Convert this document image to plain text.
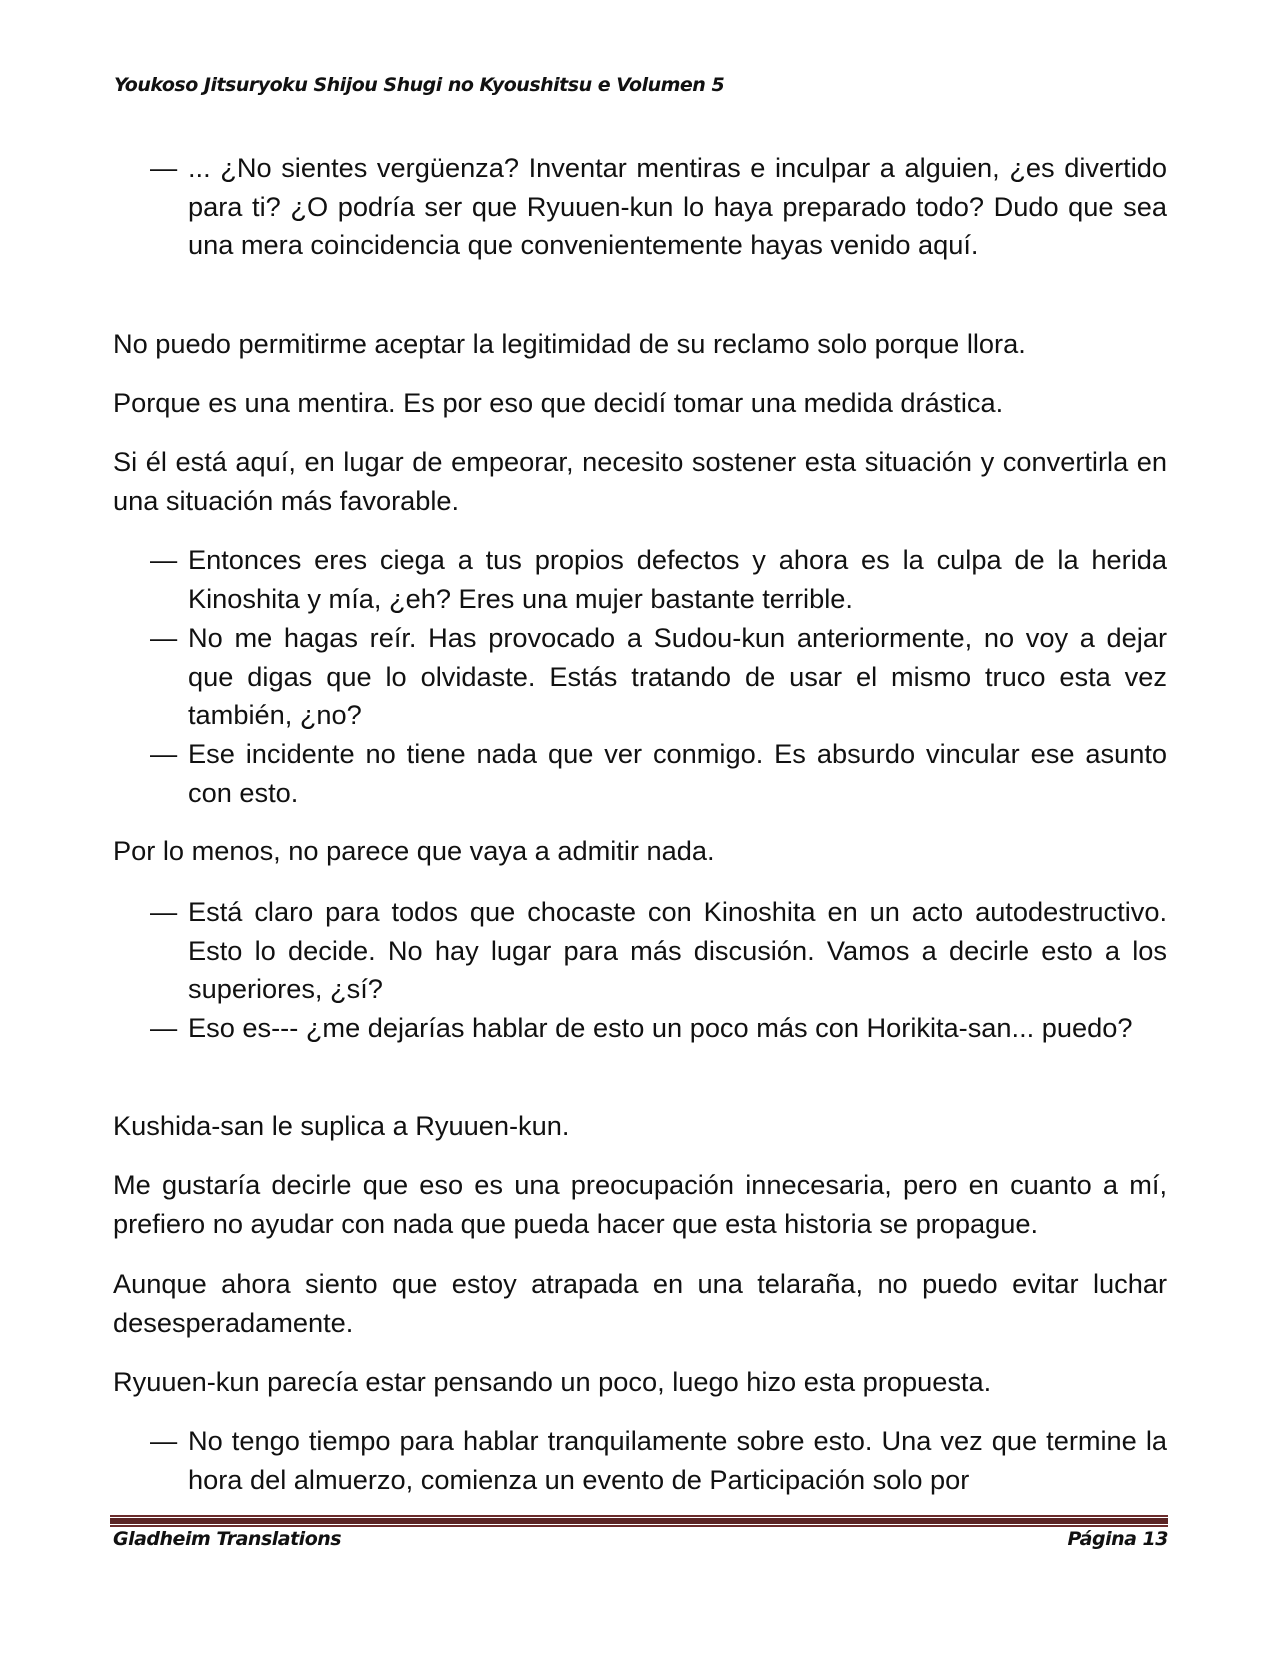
Youkoso Jitsuryoku Shijou Shugi no Kyoushitsu e Volumen 5
— ... ¿No sientes vergüenza? Inventar mentiras e inculpar a alguien, ¿es divertido para ti? ¿O podría ser que Ryuuen-kun lo haya preparado todo? Dudo que sea una mera coincidencia que convenientemente hayas venido aquí.
No puedo permitirme aceptar la legitimidad de su reclamo solo porque llora.
Porque es una mentira. Es por eso que decidí tomar una medida drástica.
Si él está aquí, en lugar de empeorar, necesito sostener esta situación y convertirla en una situación más favorable.
— Entonces eres ciega a tus propios defectos y ahora es la culpa de la herida Kinoshita y mía, ¿eh? Eres una mujer bastante terrible.
— No me hagas reír. Has provocado a Sudou-kun anteriormente, no voy a dejar que digas que lo olvidaste. Estás tratando de usar el mismo truco esta vez también, ¿no?
— Ese incidente no tiene nada que ver conmigo. Es absurdo vincular ese asunto con esto.
Por lo menos, no parece que vaya a admitir nada.
— Está claro para todos que chocaste con Kinoshita en un acto autodestructivo. Esto lo decide. No hay lugar para más discusión. Vamos a decirle esto a los superiores, ¿sí?
— Eso es--- ¿me dejarías hablar de esto un poco más con Horikita-san... puedo?
Kushida-san le suplica a Ryuuen-kun.
Me gustaría decirle que eso es una preocupación innecesaria, pero en cuanto a mí, prefiero no ayudar con nada que pueda hacer que esta historia se propague.
Aunque ahora siento que estoy atrapada en una telaraña, no puedo evitar luchar desesperadamente.
Ryuuen-kun parecía estar pensando un poco, luego hizo esta propuesta.
— No tengo tiempo para hablar tranquilamente sobre esto. Una vez que termine la hora del almuerzo, comienza un evento de Participación solo por
Gladheim Translations	Página 13
